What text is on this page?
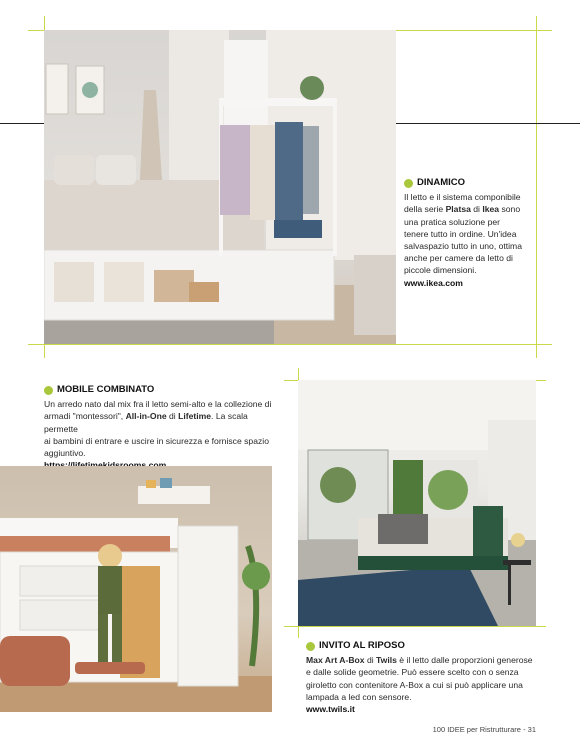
DINAMICO
Il letto e il sistema componibile
della serie Platsa di Ikea sono
una pratica soluzione per
tenere tutto in ordine. Un'idea
salvaspazio tutto in uno, ottima
anche per camere da letto di
piccole dimensioni.
www.ikea.com
MOBILE COMBINATO
Un arredo nato dal mix fra il letto semi-alto e la collezione di
armadi "montessori", All-in-One di Lifetime. La scala permette
ai bambini di entrare e uscire in sicurezza e fornisce spazio
aggiuntivo.
INVITO AL RIPOSO
Max Art A-Box di Twils è il letto dalle proporzioni generose
e dalle solide geometrie. Può essere scelto con o senza
giroletto con contenitore A-Box a cui si può applicare una
lampada a led con sensore.
www.twils.it
100 IDEE per Ristrutturare - 31
